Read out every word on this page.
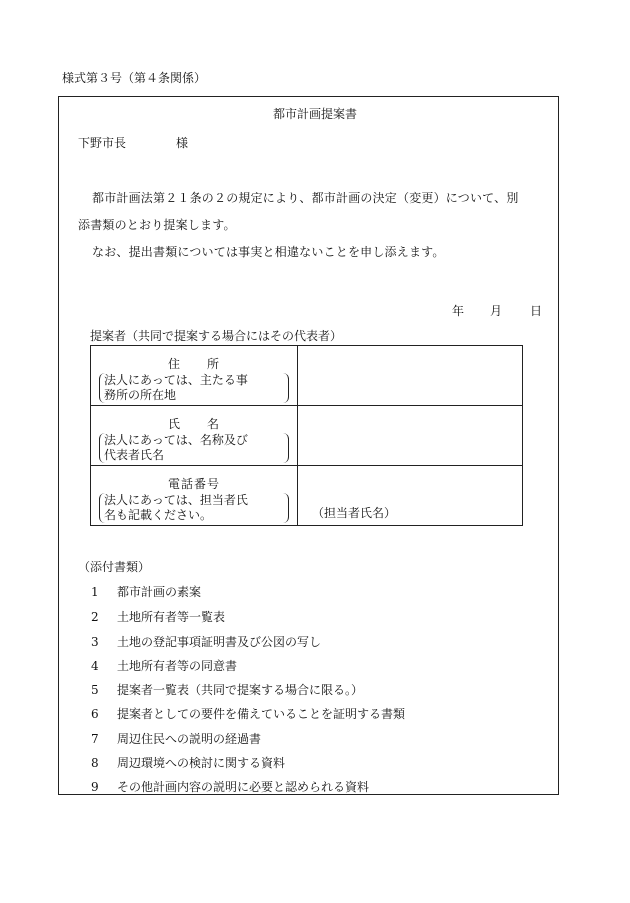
様式第３号（第４条関係）
都市計画提案書
下野市長	様
都市計画法第２１条の２の規定により、都市計画の決定（変更）について、別
添書類のとおり提案します。
なお、提出書類については事実と相違ないことを申し添えます。
年 月 日
提案者（共同で提案する場合にはその代表者）
住　　所
法人にあっては、主たる事
務所の所在地	

氏　　名
法人にあっては、名称及び
代表者氏名	

電話番号
法人にあっては、担当者氏
名も記載ください。	（担当者氏名）
（添付書類）
1 都市計画の素案
2 土地所有者等一覧表
3 土地の登記事項証明書及び公図の写し
4 土地所有者等の同意書
5 提案者一覧表（共同で提案する場合に限る。）
6 提案者としての要件を備えていることを証明する書類
7 周辺住民への説明の経過書
8 周辺環境への検討に関する資料
9 その他計画内容の説明に必要と認められる資料
